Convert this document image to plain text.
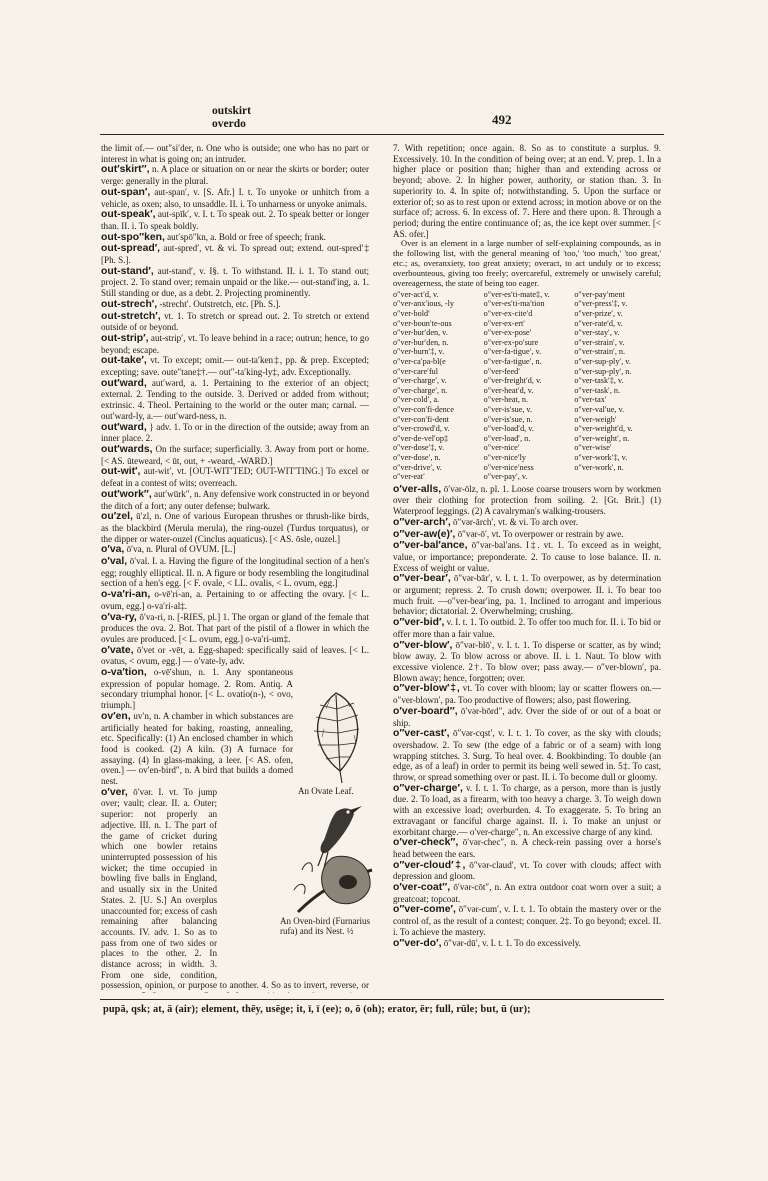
outskirt
overdo	492

the limit of.— out″si′der, n. One who is outside; one who has no part or interest in what is going on; an intruder.

out′skirt″, n. A place or situation on or near the skirts or border; outer verge: generally in the plural.

out-span′, aut-span′, v. [S. Afr.] I. t. To unyoke or unhitch from a vehicle, as oxen; also, to unsaddle. II. i. To unharness or unyoke animals.

out-speak′, aut-spīk′, v. I. t. To speak out. 2. To speak better or longer than. II. i. To speak boldly.

out-spo″ken, aut′spō″kn, a. Bold or free of speech; frank.

out-spread′, aut-spred′, vt. & vi. To spread out; extend. out-spred′‡ [Ph. S.].

out-stand′, aut-stand′, v. I§. t. To withstand. II. i. 1. To stand out; project. 2. To stand over; remain unpaid or the like.— out-stand′ing, a. 1. Still standing or due, as a debt. 2. Projecting prominently.

out-strech′, -strecht′. Outstretch, etc. [Ph. S.].

out-stretch′, vt. 1. To stretch or spread out. 2. To stretch or extend outside of or beyond.

out-strip′, aut-strip′, vt. To leave behind in a race; outrun; hence, to go beyond; escape.

out-take′, vt. To except; omit.— out-ta′ken‡, pp. & prep. Excepted; excepting; save. oute″tane‡†.— out″-ta′king-ly‡, adv. Exceptionally.

out′ward, aut′wərd, a. 1. Pertaining to the exterior of an object; external. 2. Tending to the outside. 3. Derived or added from without; extrinsic. 4. Theol. Pertaining to the world or the outer man; carnal. — out′ward-ly, a.— out′ward-ness, n.

out′ward, } adv. 1. To or in the direction of the outside; away from an inner place. 2.

out′wards, On the surface; superficially. 3. Away from port or home. [< AS. ūteweard, < ūt, out, + -weard, -WARD.]

out-wit′, aut-wit′, vt. [OUT-WIT′TED; OUT-WIT′TING.] To excel or defeat in a contest of wits; overreach.

out′work″, aut′wūrk″, n. Any defensive work constructed in or beyond the ditch of a fort; any outer defense; bulwark.

ou′zel, ū′zl, n. One of various European thrushes or thrush-like birds, as the blackbird (Merula merula), the ring-ouzel (Turdus torquatus), or the dipper or water-ouzel (Cinclus aquaticus). [< AS. ōsle, ouzel.]

o′va, ō′va, n. Plural of OVUM. [L.]

o′val, ō′val. I. a. Having the figure of the longitudinal section of a hen's egg; roughly elliptical. II. n. A figure or body resembling the longitudinal section of a hen's egg. [< F. ovale, < LL. ovalis, < L. ovum, egg.]

o-va′ri-an, o-vē′ri-an, a. Pertaining to or affecting the ovary. [< L. ovum, egg.] o-va′ri-al‡.

o′va-ry, ō′va-ri, n. [-RIES, pl.] 1. The organ or gland of the female that produces the ova. 2. Bot. That part of the pistil of a flower in which the ovules are produced. [< L. ovum, egg.] o-va′ri-um‡.

o′vate, ō′vet or -vēt, a. Egg-shaped: specifically said of leaves. [< L. ovatus, < ovum, egg.] — o′vate-ly, adv.

o-va′tion, o-vē′shun, n. 1. Any spontaneous expression of popular homage. 2. Rom. Antiq. A secondary triumphal honor. [< L. ovatio(n-), < ovo, triumph.]

ov′en, uv′n, n. A chamber in which substances are artificially heated for baking, roasting, annealing, etc. Specifically: (1) An enclosed chamber in which food is cooked. (2) A kiln. (3) A furnace for assaying. (4) In glass-making, a leer. [< AS. ofen, oven.] — ov′en-bird″, n. A bird that builds a domed nest.

o′ver, ō′vər. I. vt. To jump over; vault; clear. II. a. Outer; superior: not properly an adjective. III. n. 1. The part of the game of cricket during which one bowler retains uninterrupted possession of his wicket; the time occupied in bowling five balls in England, and usually six in the United States. 2. [U. S.] An overplus unaccounted for; excess of cash remaining after balancing accounts. IV. adv. 1. So as to pass from one of two sides or places to the other. 2. In distance across; in width. 3. From one side, condition, possession, opinion, or purpose to another. 4. So as to invert, reverse, or

7. With repetition; once again. 8. So as to constitute a surplus. 9. Excessively. 10. In the condition of being over; at an end. V. prep. 1. In a higher place or position than; higher than and extending across or beyond; above. 2. In higher power, authority, or station than. 3. In superiority to. 4. In spite of; notwithstanding. 5. Upon the surface or exterior of; so as to rest upon or extend across; in motion above or on the surface of; across. 6. In excess of. 7. Here and there upon. 8. Through a period; during the entire continuance of; as, the ice kept over summer. [< AS. ofer.]

Over is an element in a large number of self-explaining compounds, as in the following list, with the general meaning of 'too,' 'too much,' 'too great,' etc.; as, overanxiety, too great anxiety; overact, to act unduly or to excess; overbounteous, giving too freely; overcareful, extremely or unwisely careful; overeagerness, the state of being too eager.

o″ver-act′d, v.	o″ver-es′ti-mate‡, v.	o″ver-pay′ment
o″ver-anx′ious, -ly	o″ver-es′ti-ma′tion	o″ver-press′‡, v.
o″ver-bold′	o″ver-ex-cite′d	o″ver-prize′, v.
o″ver-boun′te-ous	o″ver-ex-ert′	o″ver-rate′d, v.
o″ver-bur′den, v.	o″ver-ex-pose′	o″ver-stay′, v.
o″ver-bur′den, n.	o″ver-ex-po′sure	o″ver-strain′, v.
o″ver-burn′‡, v.	o″ver-fa-tigue′, v.	o″ver-strain′, n.
o″ver-ca′pa-bl(e	o″ver-fa-tigue′, n.	o″ver-sup-ply′, v.
o″ver-care′ful	o″ver-feed′	o″ver-sup-ply′, n.
o″ver-charge′, v.	o″ver-freight′d, v.	o″ver-task′‡, v.
o″ver-charge′, n.	o″ver-heat′d, v.	o″ver-task′, n.
o″ver-cold′, a.	o″ver-heat, n.	o″ver-tax′
o″ver-con′fi-dence	o″ver-is′sue, v.	o″ver-val′ue, v.
o″ver-con′fi-dent	o″ver-is′sue, n.	o″ver-weigh′
o″ver-crowd′d, v.	o″ver-load′d, v.	o″ver-weight′d, v.
o″ver-de-vel′op‡	o″ver-load′, n.	o″ver-weight′, n.
o″ver-dose′‡, v.	o″ver-nice′	o″ver-wise′
o″ver-dose′, n.	o″ver-nice′ly	o″ver-work′‡, v.
o″ver-drive′, v.	o″ver-nice′ness	o″ver-work′, n.
o″ver-eat′	o″ver-pay′, v.

o′ver-alls, ō′vər-ōlz, n. pl. 1. Loose coarse trousers worn by workmen over their clothing for protection from soiling. 2. [Gt. Brit.] (1) Waterproof leggings. (2) A cavalryman's walking-trousers.

o″ver-arch′, ō″vər-ārch′, vt. & vi. To arch over.

o″ver-aw(e)′, ō″vər-ō′, vt. To overpower or restrain by awe.

o″ver-bal′ance, ō″vər-bal′ans. I‡. vt. 1. To exceed as in weight, value, or importance; preponderate. 2. To cause to lose balance. II. n. Excess of weight or value.

o″ver-bear′, ō″vər-bār′, v. I. t. 1. To overpower, as by determination or argument; repress. 2. To crush down; overpower. II. i. To bear too much fruit. —o″ver-bear′ing, pa. 1. Inclined to arrogant and imperious behavior; dictatorial. 2. Overwhelming; crushing.

o″ver-bid′, v. I. t. 1. To outbid. 2. To offer too much for. II. i. To bid or offer more than a fair value.

o″ver-blow′, ō″vər-blō′, v. I. t. 1. To disperse or scatter, as by wind; blow away. 2. To blow across or above. II. i. 1. Naut. To blow with excessive violence. 2†. To blow over; pass away.— o″ver-blown′, pa. Blown away; hence, forgotten; over.

o″ver-blow′‡, vt. To cover with bloom; lay or scatter flowers on.— o″ver-blown′, pa. Too productive of flowers; also, past flowering.

o′ver-board″, ō′vər-bōrd″, adv. Over the side of or out of a boat or ship.

o″ver-cast′, ō″vər-cqst′, v. I. t. 1. To cover, as the sky with clouds; overshadow. 2. To sew (the edge of a fabric or of a seam) with long wrapping stitches. 3. Surg. To heal over. 4. Bookbinding. To double (an edge, as of a leaf) in order to permit its being well sewed in. 5‡. To cast, throw, or spread something over or past. II. i. To become dull or gloomy.

o″ver-charge′, v. I. t. 1. To charge, as a person, more than is justly due. 2. To load, as a firearm, with too heavy a charge. 3. To weigh down with an excessive load; overburden. 4. To exaggerate. 5. To bring an extravagant or fanciful charge against. II. i. To make an unjust or exorbitant charge.— o′ver-charge″, n. An excessive charge of any kind.

o′ver-check″, ō′vər-chec″, n. A check-rein passing over a horse's head between the ears.

o″ver-cloud′‡, ō″vər-claud′, vt. To cover with clouds; affect with depression and gloom.

o′ver-coat″, ō′vər-cōt″, n. An extra outdoor coat worn over a suit; a greatcoat; topcoat.

o″ver-come′, ō″vər-cum′, v. I. t. 1. To obtain the mastery over or the control of, as the result of a contest; conquer. 2‡. To go beyond; excel. II. i. To achieve the mastery.

o″ver-do′, ō″vər-dū′, v. I. t. 1. To do excessively.

An Ovate Leaf.
An Oven-bird (Furnarius rufa) and its Nest. ½
pupā, qsk; at, ā (air); element, thēy, usēge; it, ī, ī (ee); o, ō (oh); erator, ēr; full, rūle; but, ū (ur);
